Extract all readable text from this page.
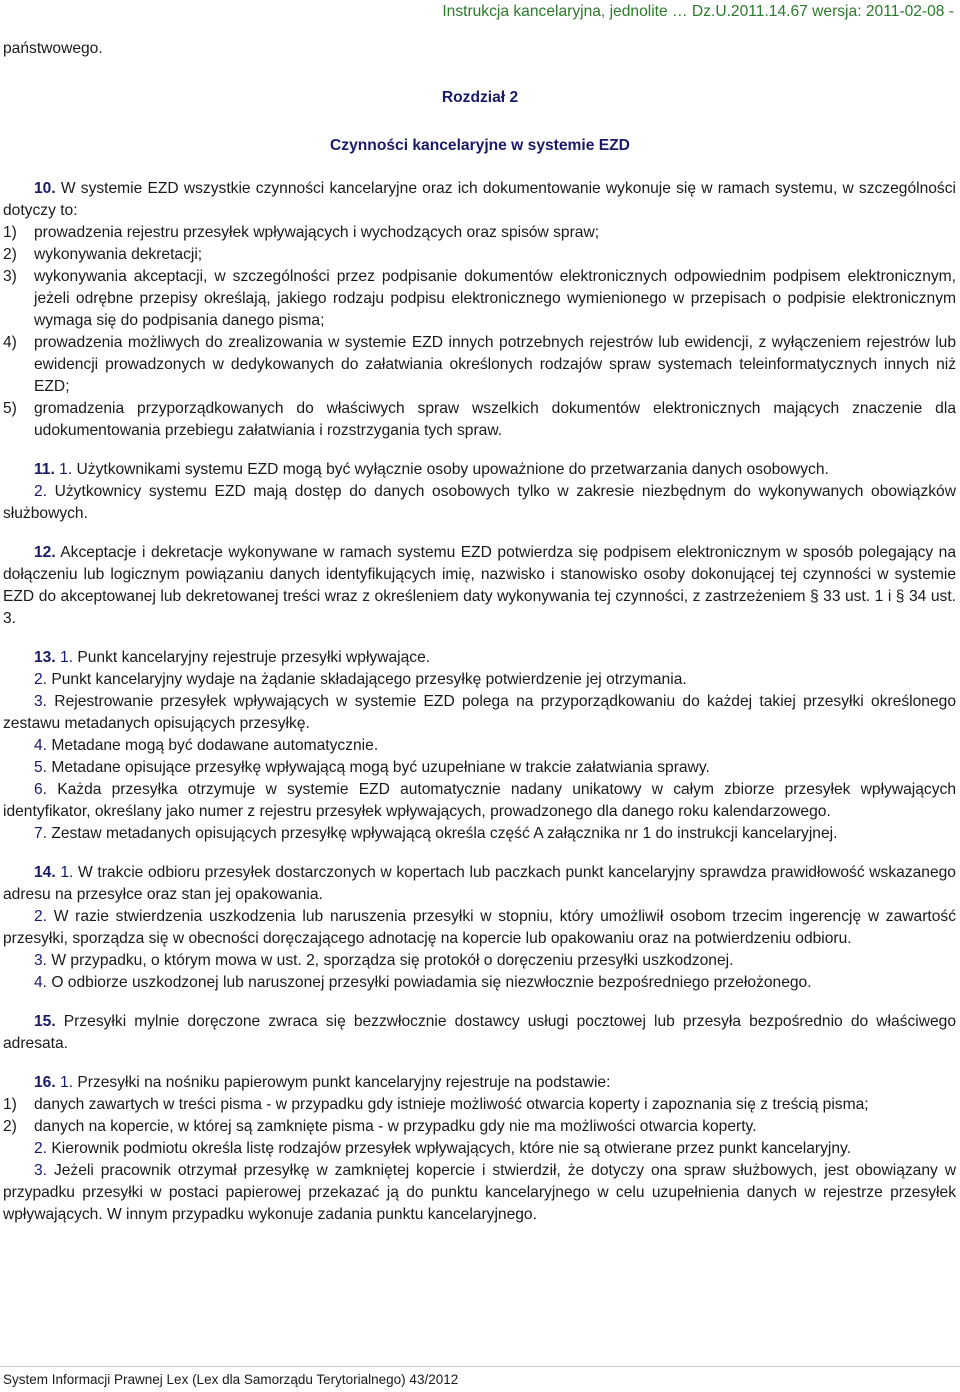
Instrukcja kancelaryjna, jednolite … Dz.U.2011.14.67 wersja: 2011-02-08 -
państwowego.
Rozdział 2
Czynności kancelaryjne w systemie EZD

10. W systemie EZD wszystkie czynności kancelaryjne oraz ich dokumentowanie wykonuje się w ramach systemu, w szczególności dotyczy to:

1) prowadzenia rejestru przesyłek wpływających i wychodzących oraz spisów spraw;

2) wykonywania dekretacji;

3) wykonywania akceptacji, w szczególności przez podpisanie dokumentów elektronicznych odpowiednim podpisem elektronicznym, jeżeli odrębne przepisy określają, jakiego rodzaju podpisu elektronicznego wymienionego w przepisach o podpisie elektronicznym wymaga się do podpisania danego pisma;

4) prowadzenia możliwych do zrealizowania w systemie EZD innych potrzebnych rejestrów lub ewidencji, z wyłączeniem rejestrów lub ewidencji prowadzonych w dedykowanych do załatwiania określonych rodzajów spraw systemach teleinformatycznych innych niż EZD;

5) gromadzenia przyporządkowanych do właściwych spraw wszelkich dokumentów elektronicznych mających znaczenie dla udokumentowania przebiegu załatwiania i rozstrzygania tych spraw.

11. 1. Użytkownikami systemu EZD mogą być wyłącznie osoby upoważnione do przetwarzania danych osobowych.

2. Użytkownicy systemu EZD mają dostęp do danych osobowych tylko w zakresie niezbędnym do wykonywanych obowiązków służbowych.

12. Akceptacje i dekretacje wykonywane w ramach systemu EZD potwierdza się podpisem elektronicznym w sposób polegający na dołączeniu lub logicznym powiązaniu danych identyfikujących imię, nazwisko i stanowisko osoby dokonującej tej czynności w systemie EZD do akceptowanej lub dekretowanej treści wraz z określeniem daty wykonywania tej czynności, z zastrzeżeniem § 33 ust. 1 i § 34 ust. 3.

13. 1. Punkt kancelaryjny rejestruje przesyłki wpływające.

2. Punkt kancelaryjny wydaje na żądanie składającego przesyłkę potwierdzenie jej otrzymania.

3. Rejestrowanie przesyłek wpływających w systemie EZD polega na przyporządkowaniu do każdej takiej przesyłki określonego zestawu metadanych opisujących przesyłkę.

4. Metadane mogą być dodawane automatycznie.

5. Metadane opisujące przesyłkę wpływającą mogą być uzupełniane w trakcie załatwiania sprawy.

6. Każda przesyłka otrzymuje w systemie EZD automatycznie nadany unikatowy w całym zbiorze przesyłek wpływających identyfikator, określany jako numer z rejestru przesyłek wpływających, prowadzonego dla danego roku kalendarzowego.

7. Zestaw metadanych opisujących przesyłkę wpływającą określa część A załącznika nr 1 do instrukcji kancelaryjnej.

14. 1. W trakcie odbioru przesyłek dostarczonych w kopertach lub paczkach punkt kancelaryjny sprawdza prawidłowość wskazanego adresu na przesyłce oraz stan jej opakowania.

2. W razie stwierdzenia uszkodzenia lub naruszenia przesyłki w stopniu, który umożliwił osobom trzecim ingerencję w zawartość przesyłki, sporządza się w obecności doręczającego adnotację na kopercie lub opakowaniu oraz na potwierdzeniu odbioru.

3. W przypadku, o którym mowa w ust. 2, sporządza się protokół o doręczeniu przesyłki uszkodzonej.

4. O odbiorze uszkodzonej lub naruszonej przesyłki powiadamia się niezwłocznie bezpośredniego przełożonego.

15. Przesyłki mylnie doręczone zwraca się bezzwłocznie dostawcy usługi pocztowej lub przesyła bezpośrednio do właściwego adresata.

16. 1. Przesyłki na nośniku papierowym punkt kancelaryjny rejestruje na podstawie:

1) danych zawartych w treści pisma - w przypadku gdy istnieje możliwość otwarcia koperty i zapoznania się z treścią pisma;

2) danych na kopercie, w której są zamknięte pisma - w przypadku gdy nie ma możliwości otwarcia koperty.

2. Kierownik podmiotu określa listę rodzajów przesyłek wpływających, które nie są otwierane przez punkt kancelaryjny.

3. Jeżeli pracownik otrzymał przesyłkę w zamkniętej kopercie i stwierdził, że dotyczy ona spraw służbowych, jest obowiązany w przypadku przesyłki w postaci papierowej przekazać ją do punktu kancelaryjnego w celu uzupełnienia danych w rejestrze przesyłek wpływających. W innym przypadku wykonuje zadania punktu kancelaryjnego.

System Informacji Prawnej Lex (Lex dla Samorządu Terytorialnego) 43/2012
